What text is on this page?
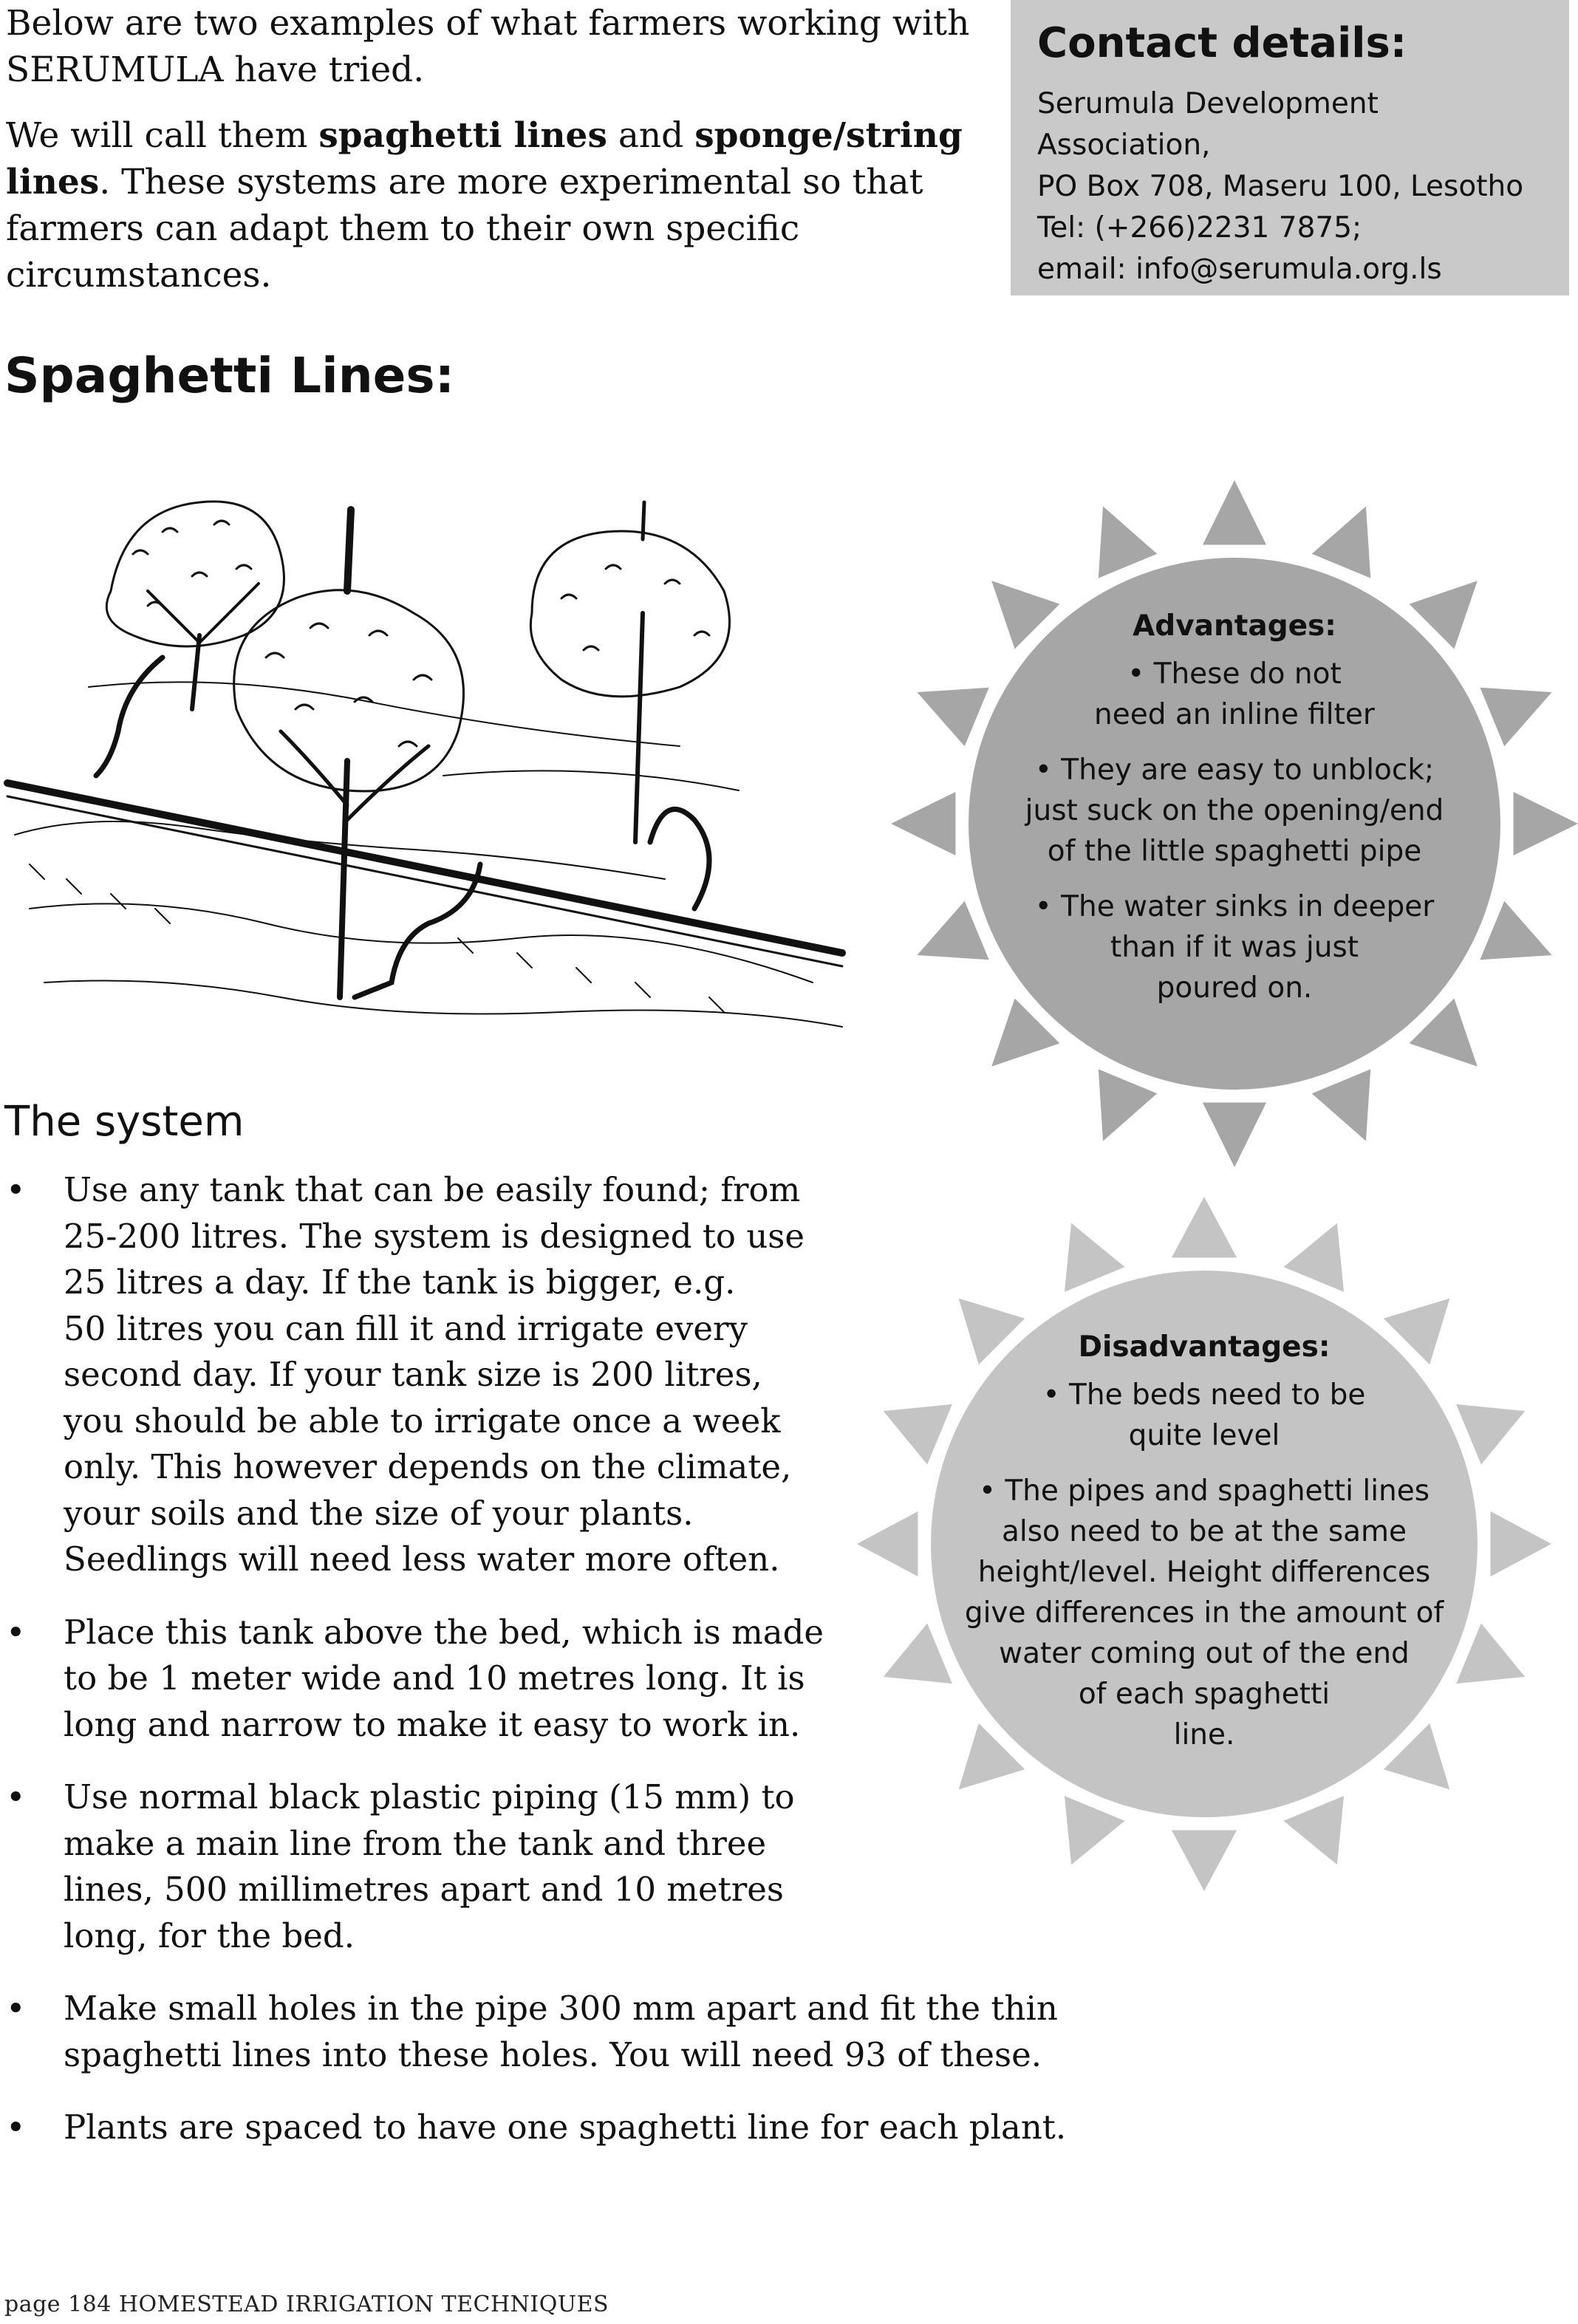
Below are two examples of what farmers working with SERUMULA have tried.

We will call them spaghetti lines and sponge/string lines. These systems are more experimental so that farmers can adapt them to their own specific circumstances.

Contact details:
Serumula Development Association,
PO Box 708, Maseru 100, Lesotho
Tel: (+266)2231 7875;
email: info@serumula.org.ls
Spaghetti Lines:
Advantages:
• These do not
need an inline filter
• They are easy to unblock;
just suck on the opening/end
of the little spaghetti pipe
• The water sinks in deeper
than if it was just
poured on.
Disadvantages:
• The beds need to be
quite level
• The pipes and spaghetti lines
also need to be at the same
height/level. Height differences
give differences in the amount of
water coming out of the end
of each spaghetti
line.
The system
• Use any tank that can be easily found; from
25-200 litres. The system is designed to use
25 litres a day. If the tank is bigger, e.g.
50 litres you can fill it and irrigate every
second day. If your tank size is 200 litres,
you should be able to irrigate once a week
only. This however depends on the climate,
your soils and the size of your plants.
Seedlings will need less water more often.
• Place this tank above the bed, which is made
to be 1 meter wide and 10 metres long. It is
long and narrow to make it easy to work in.
• Use normal black plastic piping (15 mm) to
make a main line from the tank and three
lines, 500 millimetres apart and 10 metres
long, for the bed.
• Make small holes in the pipe 300 mm apart and fit the thin
spaghetti lines into these holes. You will need 93 of these.
• Plants are spaced to have one spaghetti line for each plant.
page 184 HOMESTEAD IRRIGATION TECHNIQUES
